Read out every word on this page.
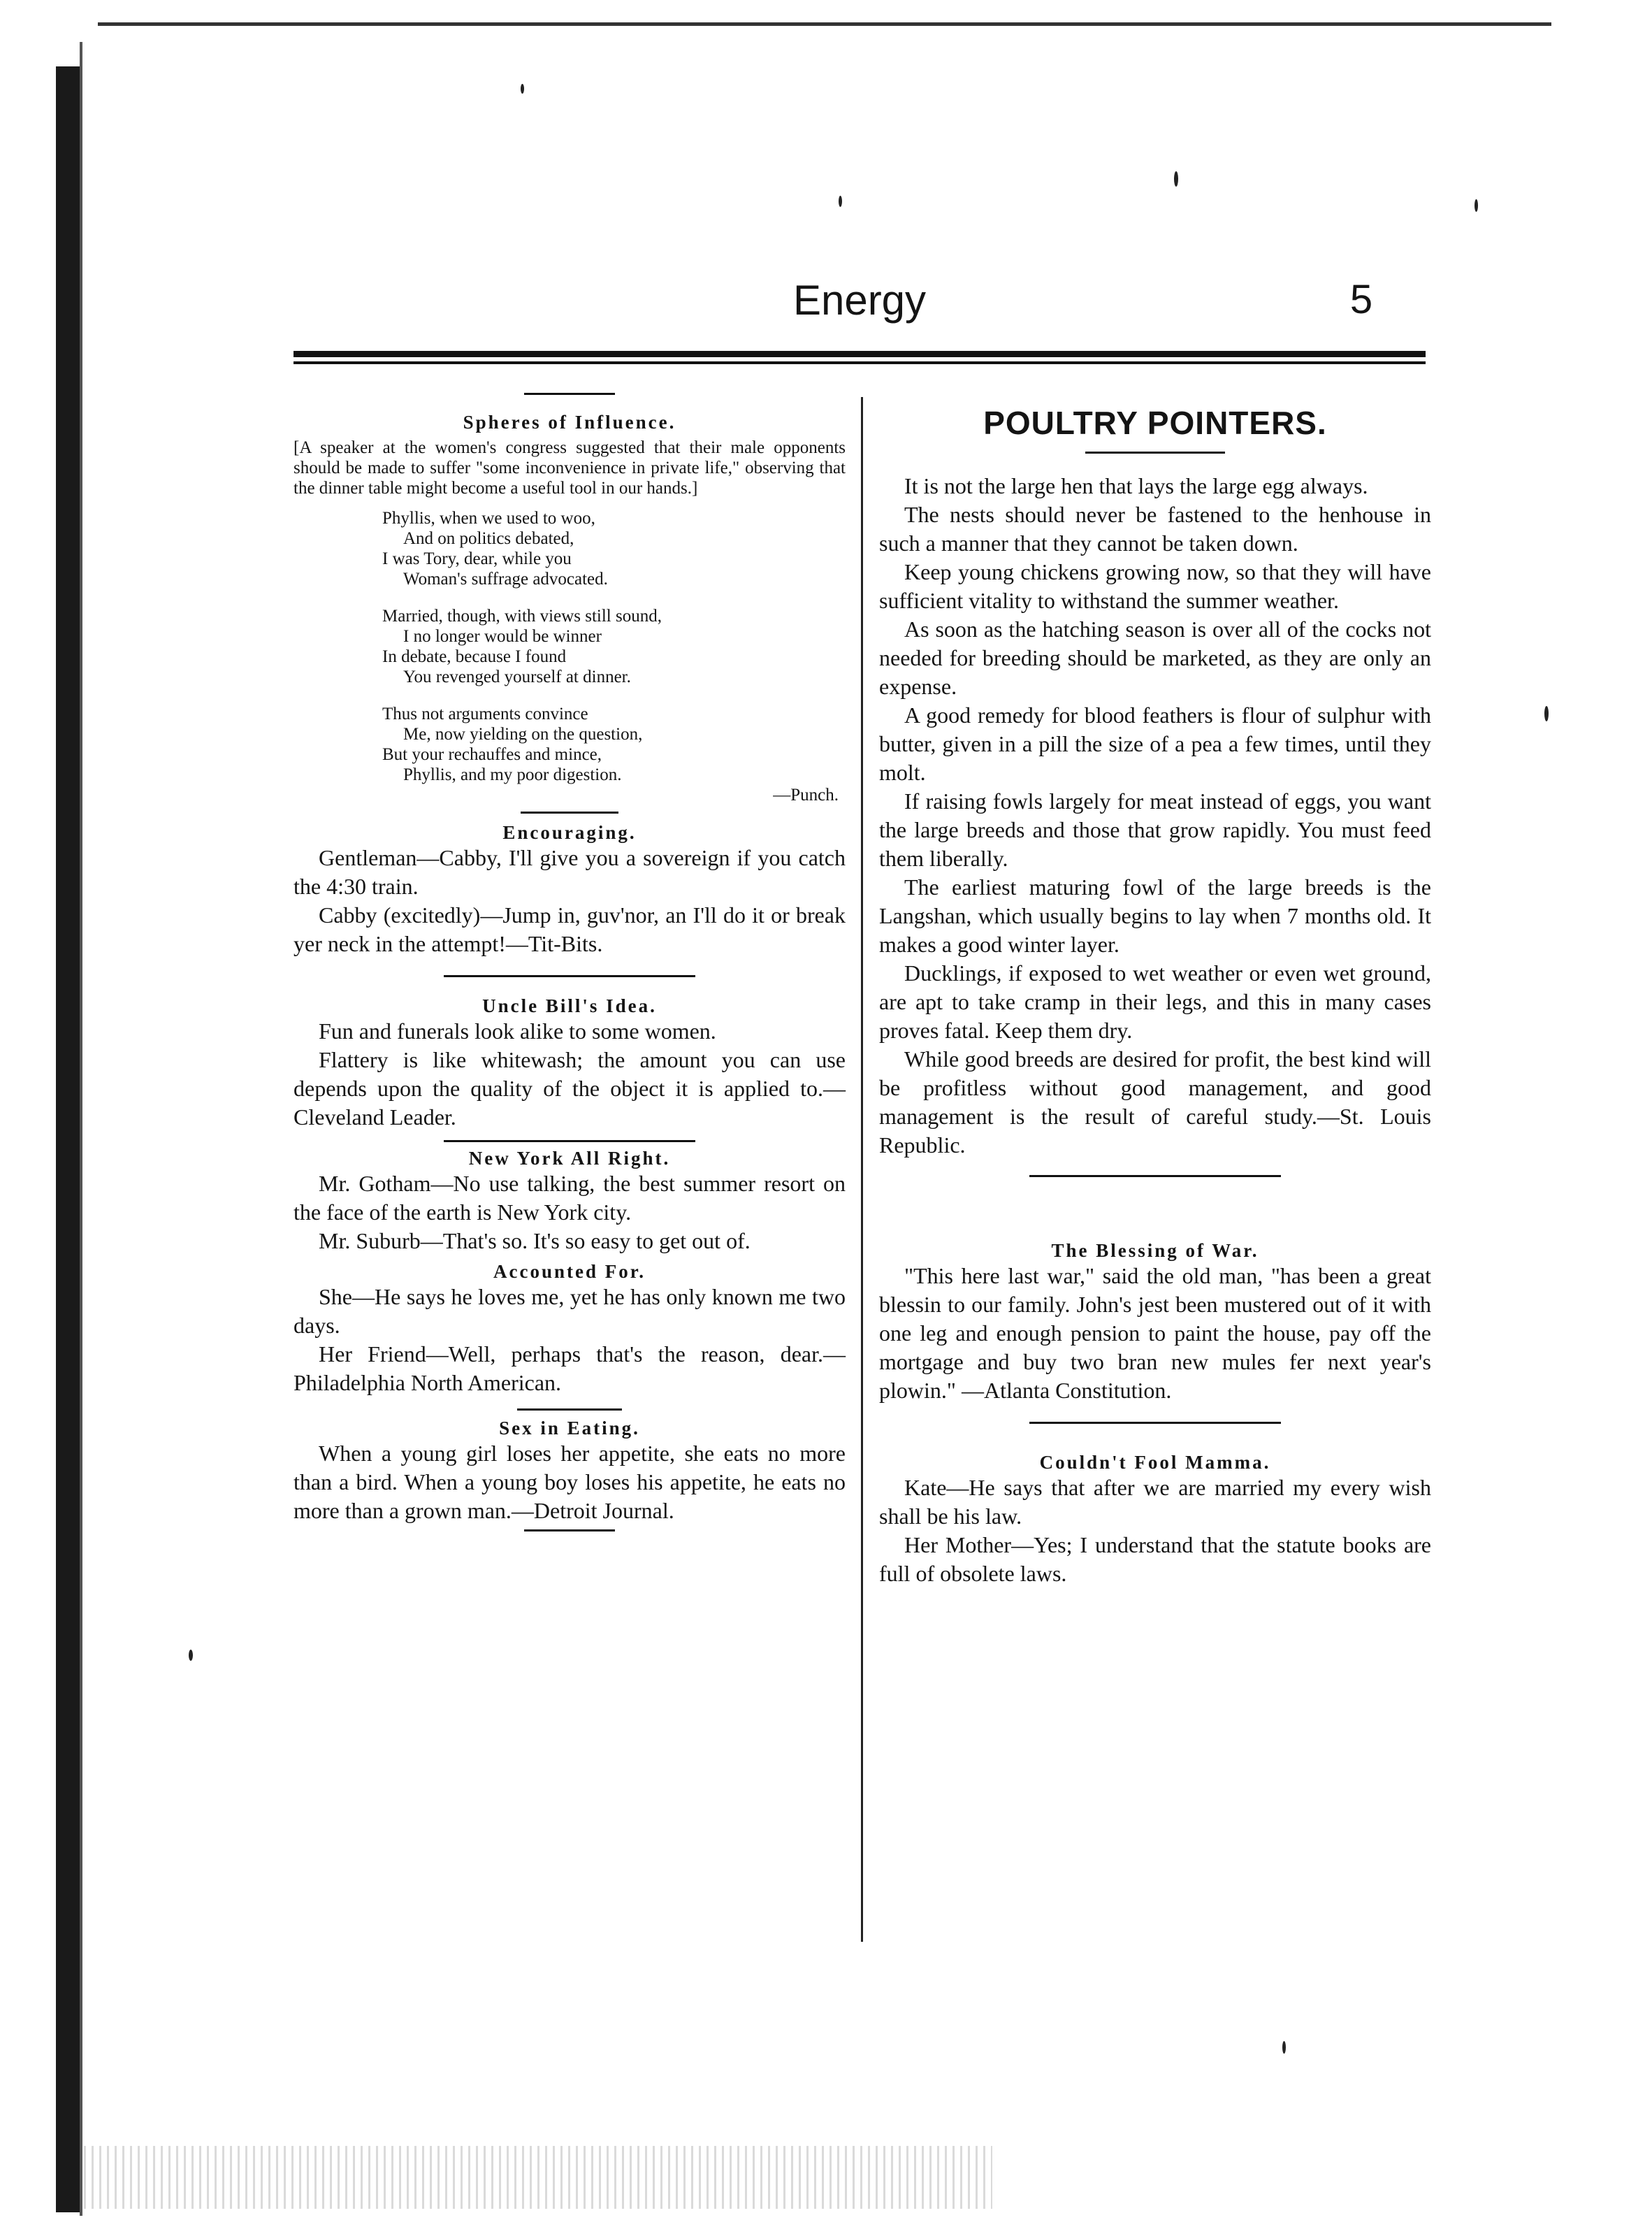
Energy	5
Spheres of Influence.

[A speaker at the women's congress suggested that their male opponents should be made to suffer "some inconvenience in private life," observing that the dinner table might become a useful tool in our hands.]

Phyllis, when we used to woo,

And on politics debated,

I was Tory, dear, while you

Woman's suffrage advocated.

Married, though, with views still sound,

I no longer would be winner

In debate, because I found

You revenged yourself at dinner.

Thus not arguments convince

Me, now yielding on the question,

But your rechauffes and mince,

Phyllis, and my poor digestion.

—Punch.

Encouraging.

Gentleman—Cabby, I'll give you a sovereign if you catch the 4:30 train.

Cabby (excitedly)—Jump in, guv'nor, an I'll do it or break yer neck in the attempt!—Tit-Bits.

Uncle Bill's Idea.

Fun and funerals look alike to some women.

Flattery is like whitewash; the amount you can use depends upon the quality of the object it is applied to.—Cleveland Leader.

New York All Right.

Mr. Gotham—No use talking, the best summer resort on the face of the earth is New York city.

Mr. Suburb—That's so. It's so easy to get out of.

Accounted For.

She—He says he loves me, yet he has only known me two days.

Her Friend—Well, perhaps that's the reason, dear.—Philadelphia North American.

Sex in Eating.

When a young girl loses her appetite, she eats no more than a bird. When a young boy loses his appetite, he eats no more than a grown man.—Detroit Journal.

POULTRY POINTERS.

It is not the large hen that lays the large egg always.

The nests should never be fastened to the henhouse in such a manner that they cannot be taken down.

Keep young chickens growing now, so that they will have sufficient vitality to withstand the summer weather.

As soon as the hatching season is over all of the cocks not needed for breeding should be marketed, as they are only an expense.

A good remedy for blood feathers is flour of sulphur with butter, given in a pill the size of a pea a few times, until they molt.

If raising fowls largely for meat instead of eggs, you want the large breeds and those that grow rapidly. You must feed them liberally.

The earliest maturing fowl of the large breeds is the Langshan, which usually begins to lay when 7 months old. It makes a good winter layer.

Ducklings, if exposed to wet weather or even wet ground, are apt to take cramp in their legs, and this in many cases proves fatal. Keep them dry.

While good breeds are desired for profit, the best kind will be profitless without good management, and good management is the result of careful study.—St. Louis Republic.

The Blessing of War.

"This here last war," said the old man, "has been a great blessin to our family. John's jest been mustered out of it with one leg and enough pension to paint the house, pay off the mortgage and buy two bran new mules fer next year's plowin." —Atlanta Constitution.

Couldn't Fool Mamma.

Kate—He says that after we are married my every wish shall be his law.

Her Mother—Yes; I understand that the statute books are full of obsolete laws.
